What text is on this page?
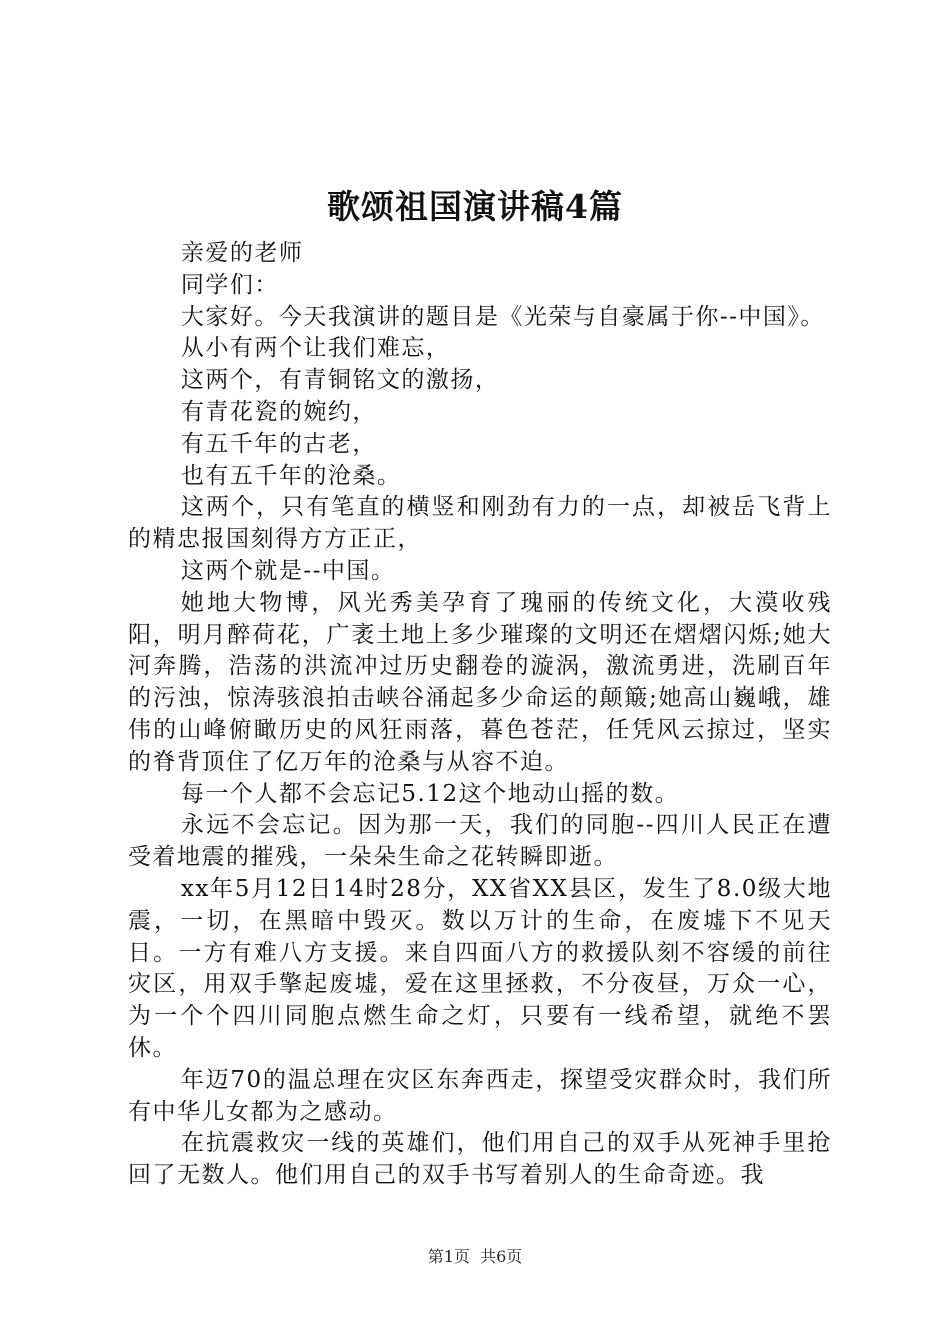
歌颂祖国演讲稿4篇

亲爱的老师

同学们：

大家好。今天我演讲的题目是《光荣与自豪属于你--中国》。

从小有两个让我们难忘，

这两个，有青铜铭文的激扬，

有青花瓷的婉约，

有五千年的古老，

也有五千年的沧桑。

这两个，只有笔直的横竖和刚劲有力的一点，却被岳飞背上的精忠报国刻得方方正正，

这两个就是--中国。

她地大物博，风光秀美孕育了瑰丽的传统文化，大漠收残阳，明月醉荷花，广袤土地上多少璀璨的文明还在熠熠闪烁;她大河奔腾，浩荡的洪流冲过历史翻卷的漩涡，激流勇进，洗刷百年的污浊，惊涛骇浪拍击峡谷涌起多少命运的颠簸;她高山巍峨，雄伟的山峰俯瞰历史的风狂雨落，暮色苍茫，任凭风云掠过，坚实的脊背顶住了亿万年的沧桑与从容不迫。

每一个人都不会忘记5.12这个地动山摇的数。

永远不会忘记。因为那一天，我们的同胞--四川人民正在遭受着地震的摧残，一朵朵生命之花转瞬即逝。

xx年5月12日14时28分，XX省XX县区，发生了8.0级大地震，一切，在黑暗中毁灭。数以万计的生命，在废墟下不见天日。一方有难八方支援。来自四面八方的救援队刻不容缓的前往灾区，用双手擎起废墟，爱在这里拯救，不分夜昼，万众一心，为一个个四川同胞点燃生命之灯，只要有一线希望，就绝不罢休。

年迈70的温总理在灾区东奔西走，探望受灾群众时，我们所有中华儿女都为之感动。

在抗震救灾一线的英雄们，他们用自己的双手从死神手里抢回了无数人。他们用自己的双手书写着别人的生命奇迹。我

第1页 共6页
